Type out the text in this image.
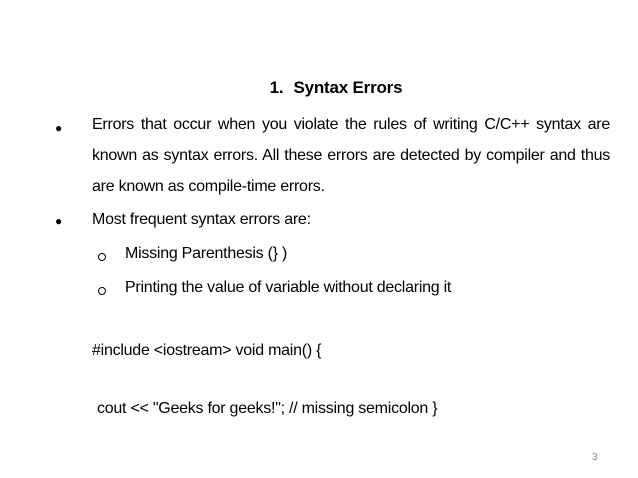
1. Syntax Errors
● Errors that occur when you violate the rules of writing C/C++ syntax are known as syntax errors. All these errors are detected by compiler and thus are known as compile-time errors.
● Most frequent syntax errors are:
Missing Parenthesis (} )
Printing the value of variable without declaring it
#include <iostream> void main() {
cout << "Geeks for geeks!"; // missing semicolon }
3
